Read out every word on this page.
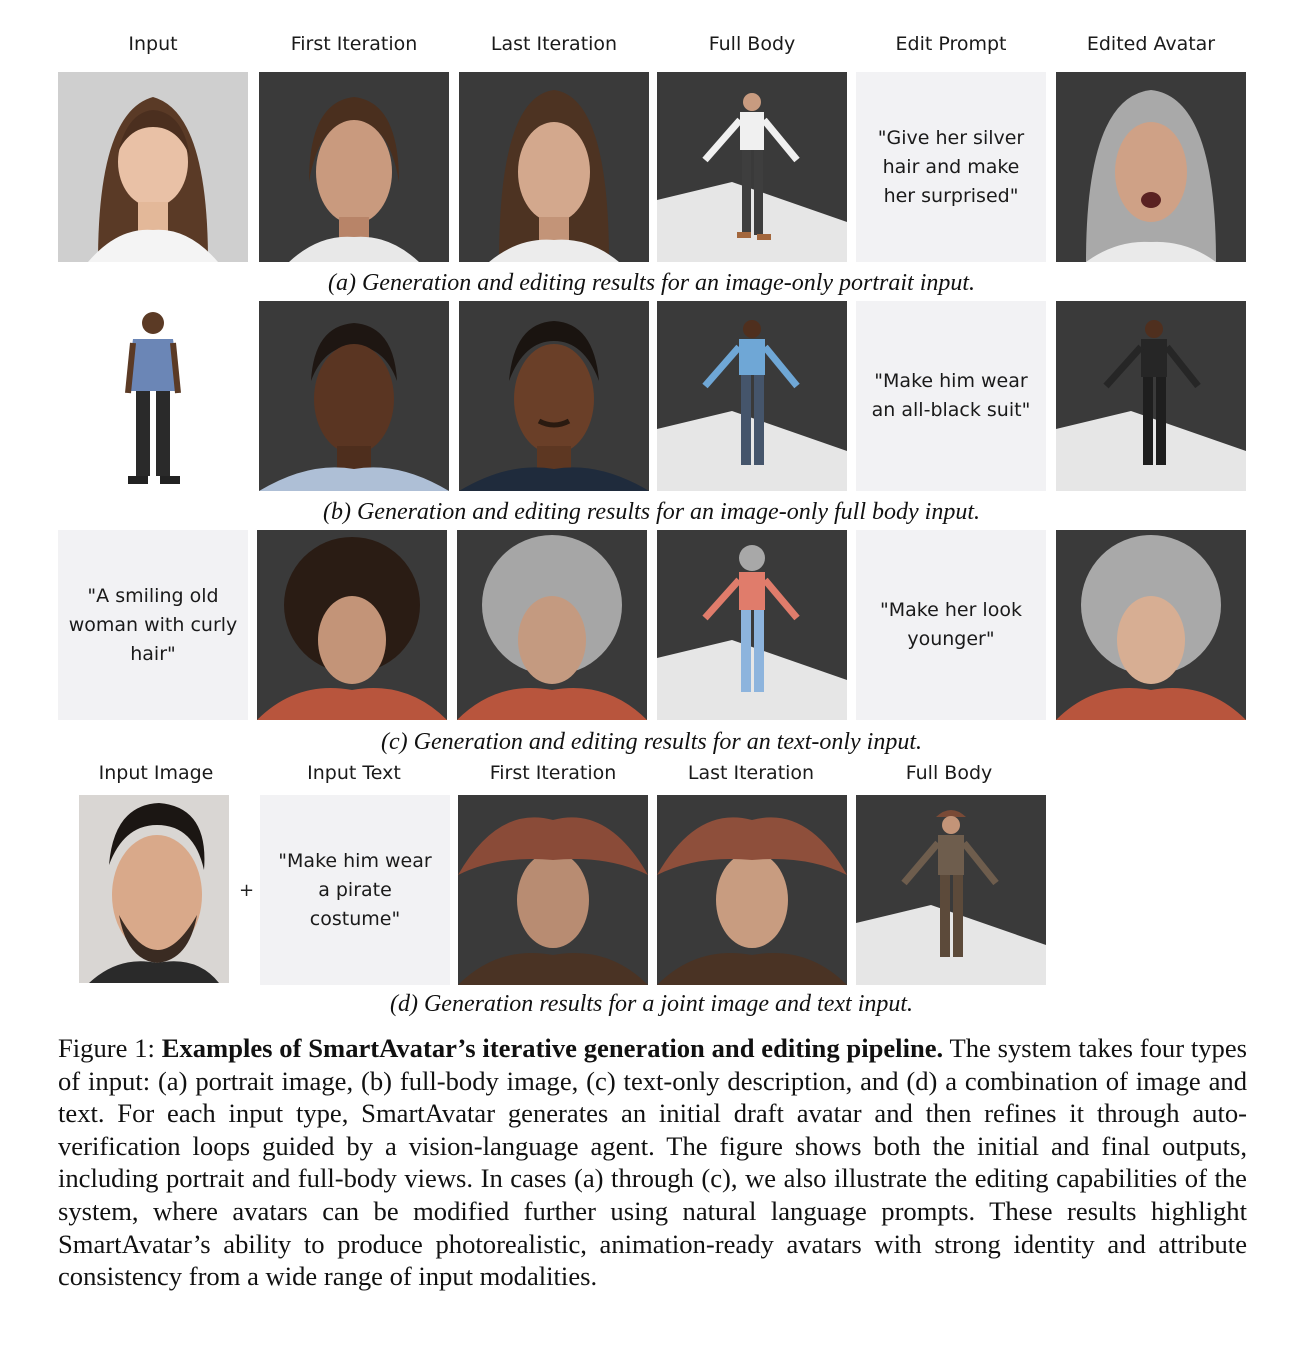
Input	First Iteration	Last Iteration	Full Body	Edit Prompt	Edited Avatar
"Give her silver hair and make her surprised"
(a) Generation and editing results for an image-only portrait input.
"Make him wear an all-black suit"
(b) Generation and editing results for an image-only full body input.
"A smiling old woman with curly hair"
"Make her look younger"
(c) Generation and editing results for an text-only input.
Input Image	Input Text	First Iteration	Last Iteration	Full Body
+
"Make him wear a pirate costume"
(d) Generation results for a joint image and text input.
Figure 1: Examples of SmartAvatar’s iterative generation and editing pipeline. The system takes four types of input: (a) portrait image, (b) full-body image, (c) text-only description, and (d) a combination of image and text. For each input type, SmartAvatar generates an initial draft avatar and then refines it through auto-verification loops guided by a vision-language agent. The figure shows both the initial and final outputs, including portrait and full-body views. In cases (a) through (c), we also illustrate the editing capabilities of the system, where avatars can be modified further using natural language prompts. These results highlight SmartAvatar’s ability to produce photorealistic, animation-ready avatars with strong identity and attribute consistency from a wide range of input modalities.
